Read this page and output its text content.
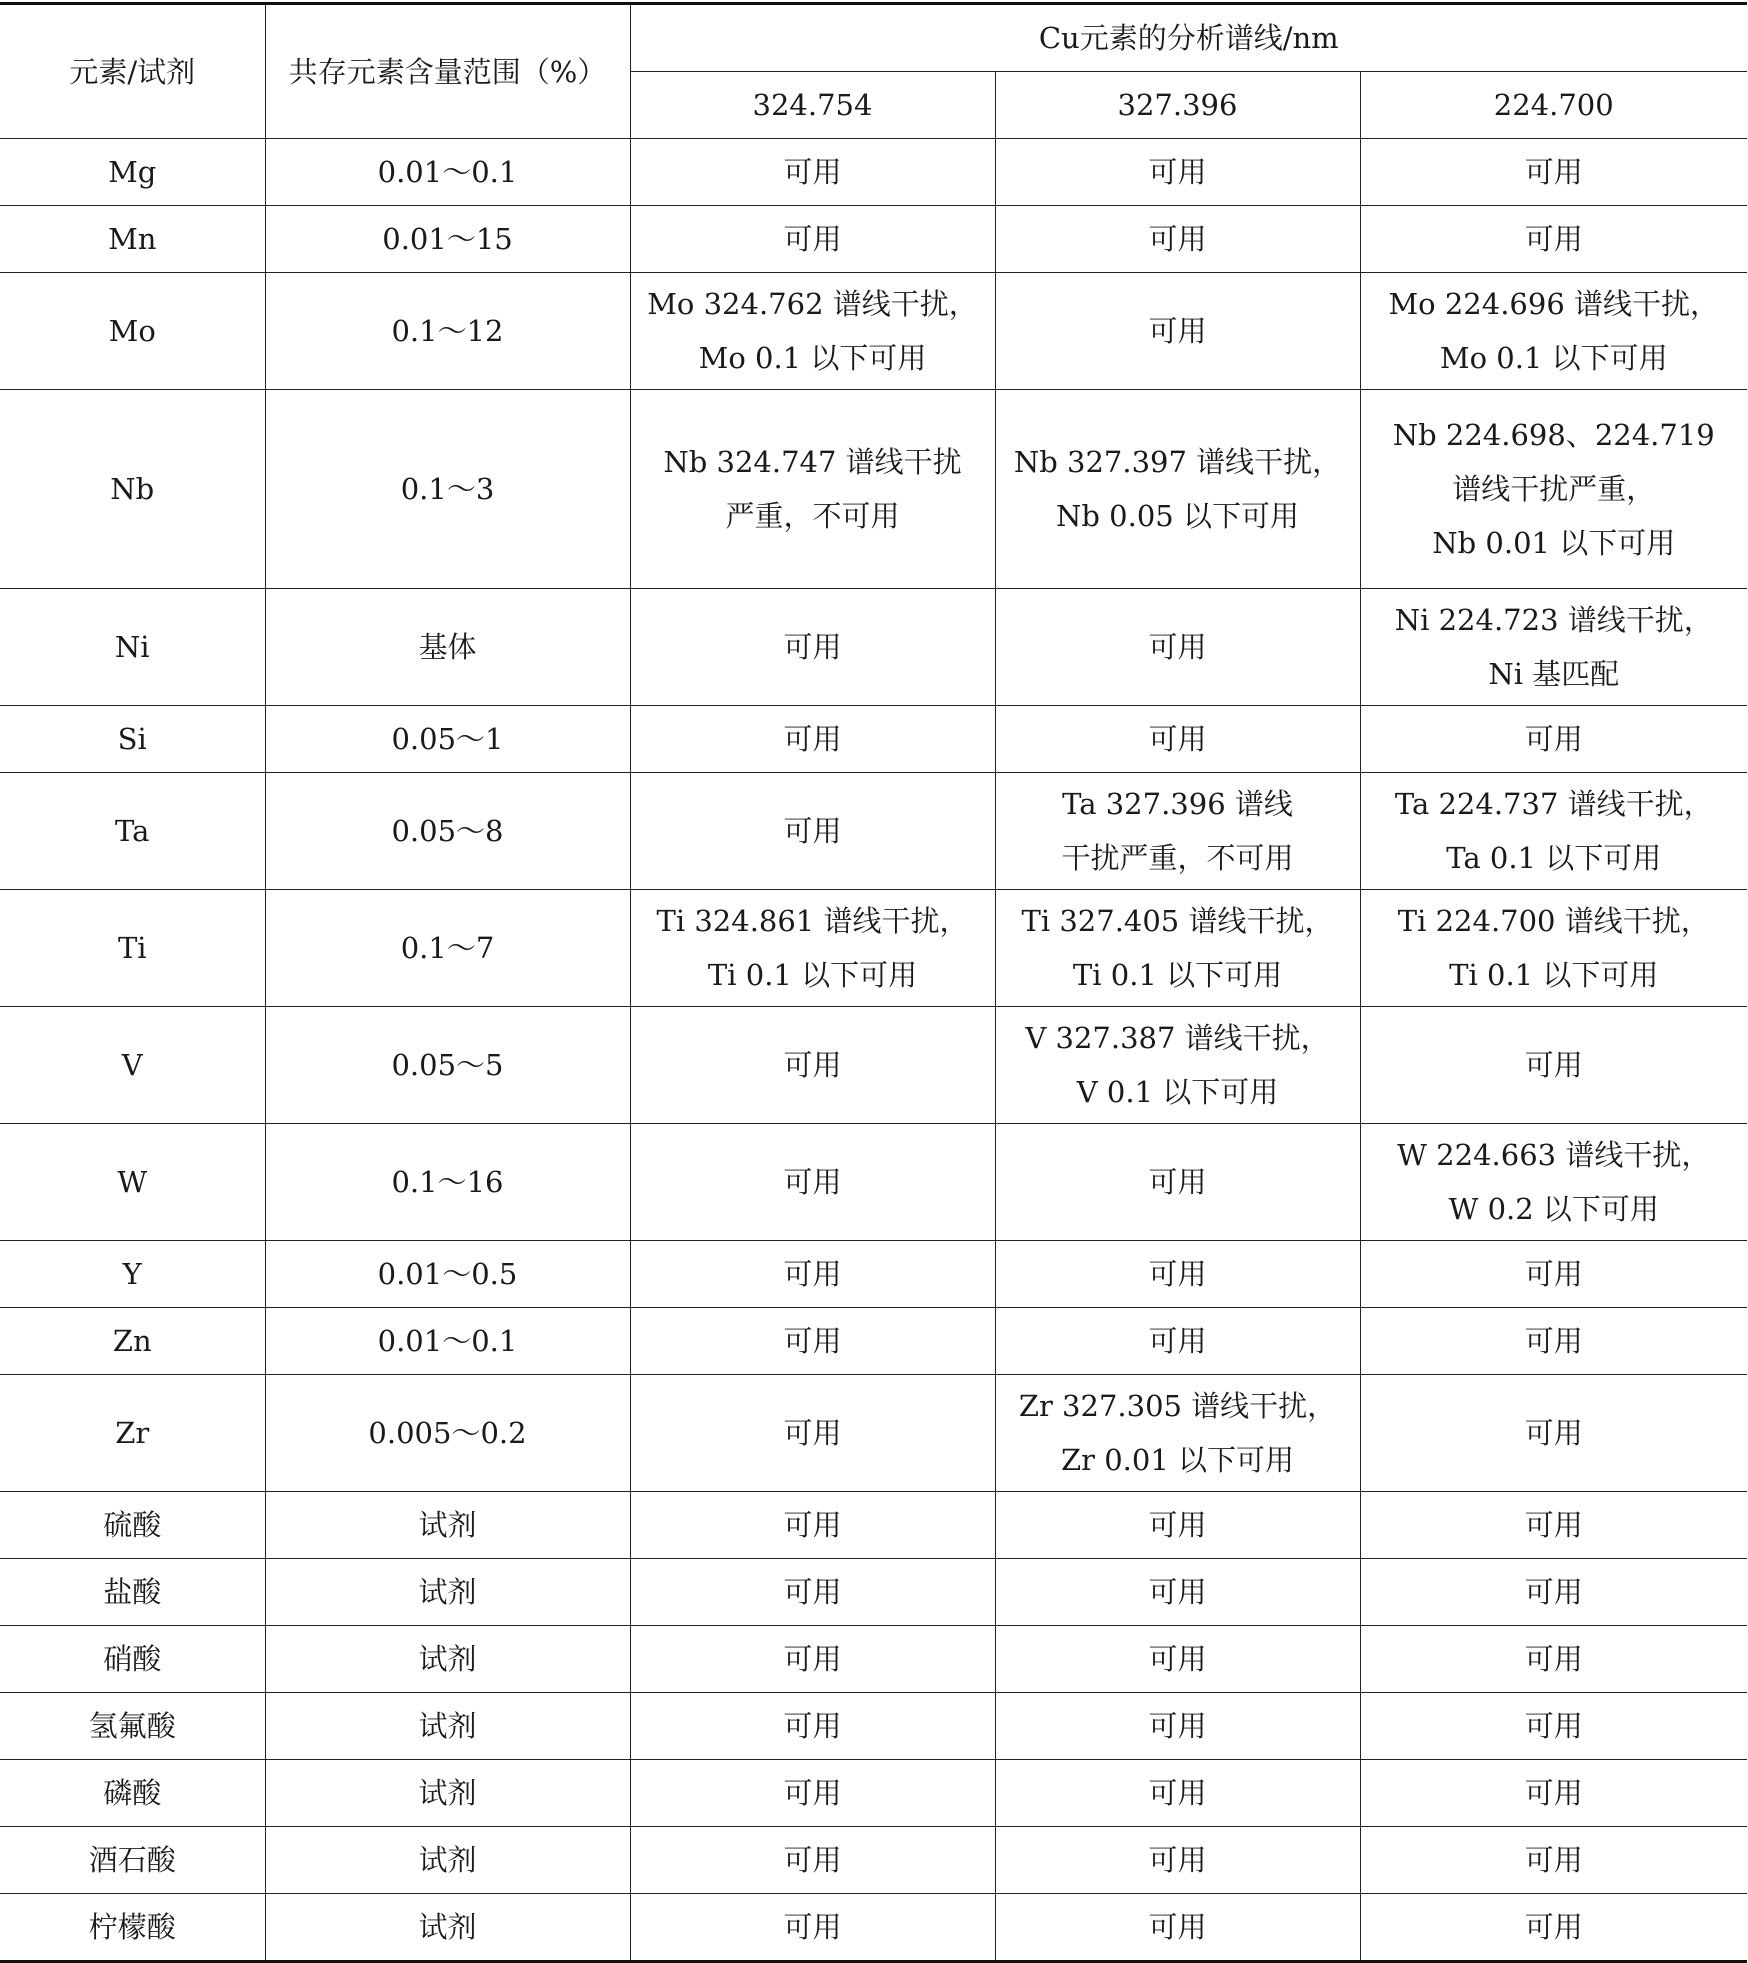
元素/试剂	共存元素含量范围（%）	Cu元素的分析谱线/nm		
		324.754	327.396	224.700
Mg	0.01～0.1	可用	可用	可用

Mn	0.01～15	可用	可用	可用

Mo	0.1～12	Mo 324.762 谱线干扰，
Mo 0.1 以下可用	可用	Mo 224.696 谱线干扰，
Mo 0.1 以下可用

Nb	0.1～3	Nb 324.747 谱线干扰
严重，不可用	Nb 327.397 谱线干扰，
Nb 0.05 以下可用	Nb 224.698、224.719
谱线干扰严重，
Nb 0.01 以下可用

Ni	基体	可用	可用	Ni 224.723 谱线干扰，
Ni 基匹配

Si	0.05～1	可用	可用	可用

Ta	0.05～8	可用	Ta 327.396 谱线
干扰严重，不可用	Ta 224.737 谱线干扰，
Ta 0.1 以下可用

Ti	0.1～7	Ti 324.861 谱线干扰，
Ti 0.1 以下可用	Ti 327.405 谱线干扰，
Ti 0.1 以下可用	Ti 224.700 谱线干扰，
Ti 0.1 以下可用

V	0.05～5	可用	V 327.387 谱线干扰，
V 0.1 以下可用	可用

W	0.1～16	可用	可用	W 224.663 谱线干扰，
W 0.2 以下可用

Y	0.01～0.5	可用	可用	可用

Zn	0.01～0.1	可用	可用	可用

Zr	0.005～0.2	可用	Zr 327.305 谱线干扰，
Zr 0.01 以下可用	可用

硫酸	试剂	可用	可用	可用

盐酸	试剂	可用	可用	可用

硝酸	试剂	可用	可用	可用

氢氟酸	试剂	可用	可用	可用

磷酸	试剂	可用	可用	可用

酒石酸	试剂	可用	可用	可用

柠檬酸	试剂	可用	可用	可用
